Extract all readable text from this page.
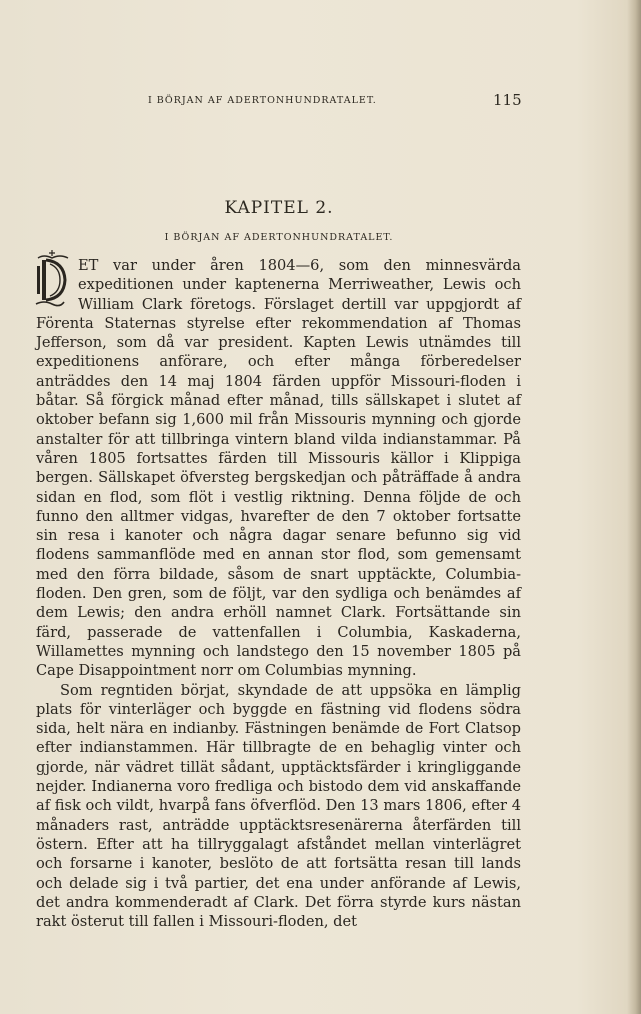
I BÖRJAN AF ADERTONHUNDRATALET.	115
KAPITEL 2.
I BÖRJAN AF ADERTONHUNDRATALET.
D

ET var under åren 1804—6, som den minnesvärda expeditionen under kaptenerna Merriweather, Lewis och William Clark företogs. Förslaget dertill var uppgjordt af Förenta Staternas styrelse efter rekommendation af Thomas Jefferson, som då var president. Kapten Lewis utnämdes till expeditionens anförare, och efter många förberedelser anträddes den 14 maj 1804 färden uppför Missouri-floden i båtar. Så förgick månad efter månad, tills sällskapet i slutet af oktober befann sig 1,600 mil från Missouris mynning och gjorde anstalter för att tillbringa vintern bland vilda indianstammar. På våren 1805 fortsattes färden till Missouris källor i Klippiga bergen. Sällskapet öfversteg bergskedjan och påträffade å andra sidan en flod, som flöt i vestlig riktning. Denna följde de och funno den alltmer vidgas, hvarefter de den 7 oktober fortsatte sin resa i kanoter och några dagar senare befunno sig vid flodens sammanflöde med en annan stor flod, som gemensamt med den förra bildade, såsom de snart upptäckte, Columbia-floden. Den gren, som de följt, var den sydliga och benämdes af dem Lewis; den andra erhöll namnet Clark. Fortsättande sin färd, passerade de vattenfallen i Columbia, Kaskaderna, Willamettes mynning och landstego den 15 november 1805 på Cape Disappointment norr om Columbias mynning.

Som regntiden börjat, skyndade de att uppsöka en lämplig plats för vinterläger och byggde en fästning vid flodens södra sida, helt nära en indianby. Fästningen benämde de Fort Clatsop efter indianstammen. Här tillbragte de en behaglig vinter och gjorde, när vädret tillät sådant, upptäcktsfärder i kringliggande nejder. Indianerna voro fredliga och bistodo dem vid anskaffande af fisk och vildt, hvarpå fans öfverflöd. Den 13 mars 1806, efter 4 månaders rast, anträdde upptäcktsresenärerna återfärden till östern. Efter att ha tillryggalagt afståndet mellan vinterlägret och forsarne i kanoter, beslöto de att fortsätta resan till lands och delade sig i två partier, det ena under anförande af Lewis, det andra kommenderadt af Clark. Det förra styrde kurs nästan rakt österut till fallen i Missouri-floden, det
